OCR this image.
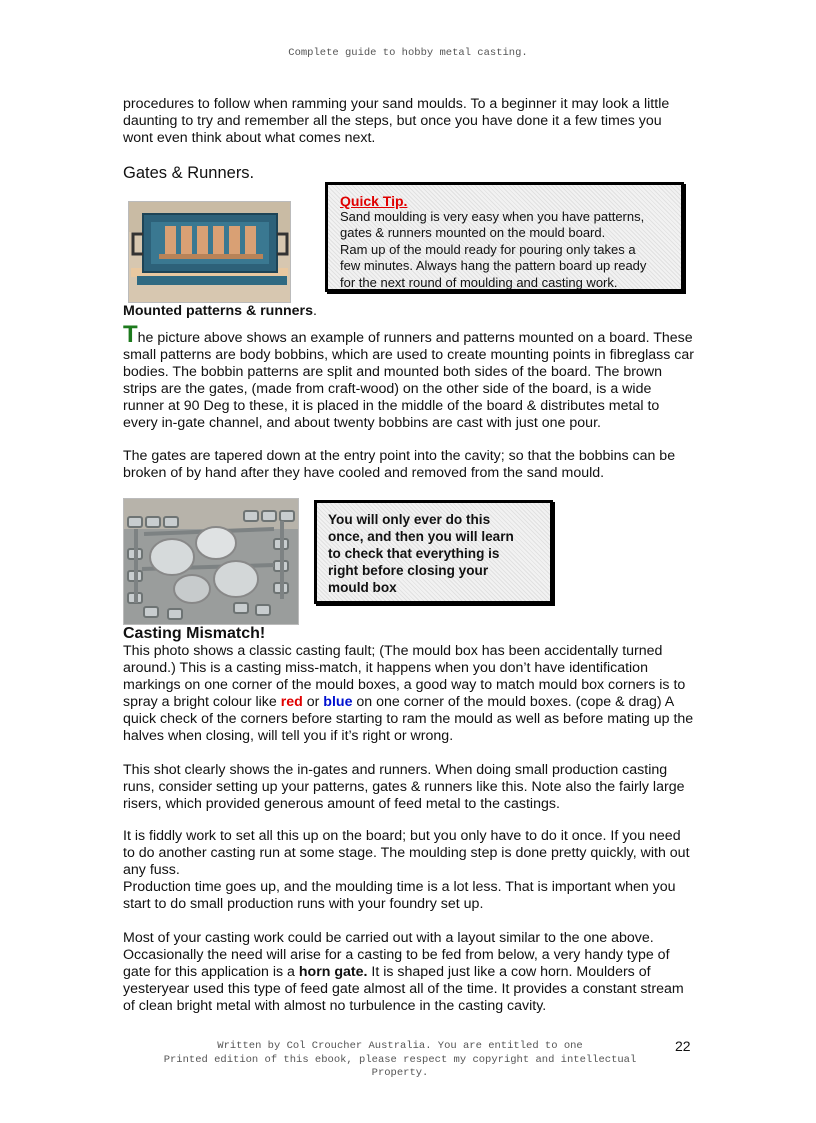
Complete guide to hobby metal casting.

procedures to follow when ramming your sand moulds. To a beginner it may look a little daunting to try and remember all the steps, but once you have done it a few times you wont even think about what comes next.

Gates & Runners.
Quick Tip.
Sand moulding is very easy when you have patterns,
gates & runners mounted on the mould board.
Ram up of the mould ready for pouring only takes a
few minutes. Always hang the pattern board up ready
for the next round of moulding and casting work.
Mounted patterns & runners.

The picture above shows an example of runners and patterns mounted on a board. These small patterns are body bobbins, which are used to create mounting points in fibreglass car bodies. The bobbin patterns are split and mounted both sides of the board. The brown strips are the gates, (made from craft-wood) on the other side of the board, is a wide runner at 90 Deg to these, it is placed in the middle of the board & distributes metal to every in-gate channel, and about twenty bobbins are cast with just one pour.

The gates are tapered down at the entry point into the cavity; so that the bobbins can be broken of by hand after they have cooled and removed from the sand mould.

You will only ever do this
once, and then you will learn
to check that everything is
right before closing your
mould box
Casting Mismatch!

This photo shows a classic casting fault; (The mould box has been accidentally turned around.) This is a casting miss-match, it happens when you don’t have identification markings on one corner of the mould boxes, a good way to match mould box corners is to spray a bright colour like red or blue on one corner of the mould boxes. (cope & drag) A quick check of the corners before starting to ram the mould as well as before mating up the halves when closing, will tell you if it’s right or wrong.

This shot clearly shows the in-gates and runners. When doing small production casting runs, consider setting up your patterns, gates & runners like this. Note also the fairly large risers, which provided generous amount of feed metal to the castings.

It is fiddly work to set all this up on the board; but you only have to do it once. If you need to do another casting run at some stage. The moulding step is done pretty quickly, with out any fuss.

Production time goes up, and the moulding time is a lot less. That is important when you start to do small production runs with your foundry set up.

Most of your casting work could be carried out with a layout similar to the one above. Occasionally the need will arise for a casting to be fed from below, a very handy type of gate for this application is a horn gate. It is shaped just like a cow horn. Moulders of yesteryear used this type of feed gate almost all of the time. It provides a constant stream of clean bright metal with almost no turbulence in the casting cavity.

Written by Col Croucher Australia. You are entitled to one
Printed edition of this ebook, please respect my copyright and intellectual
Property.
22
